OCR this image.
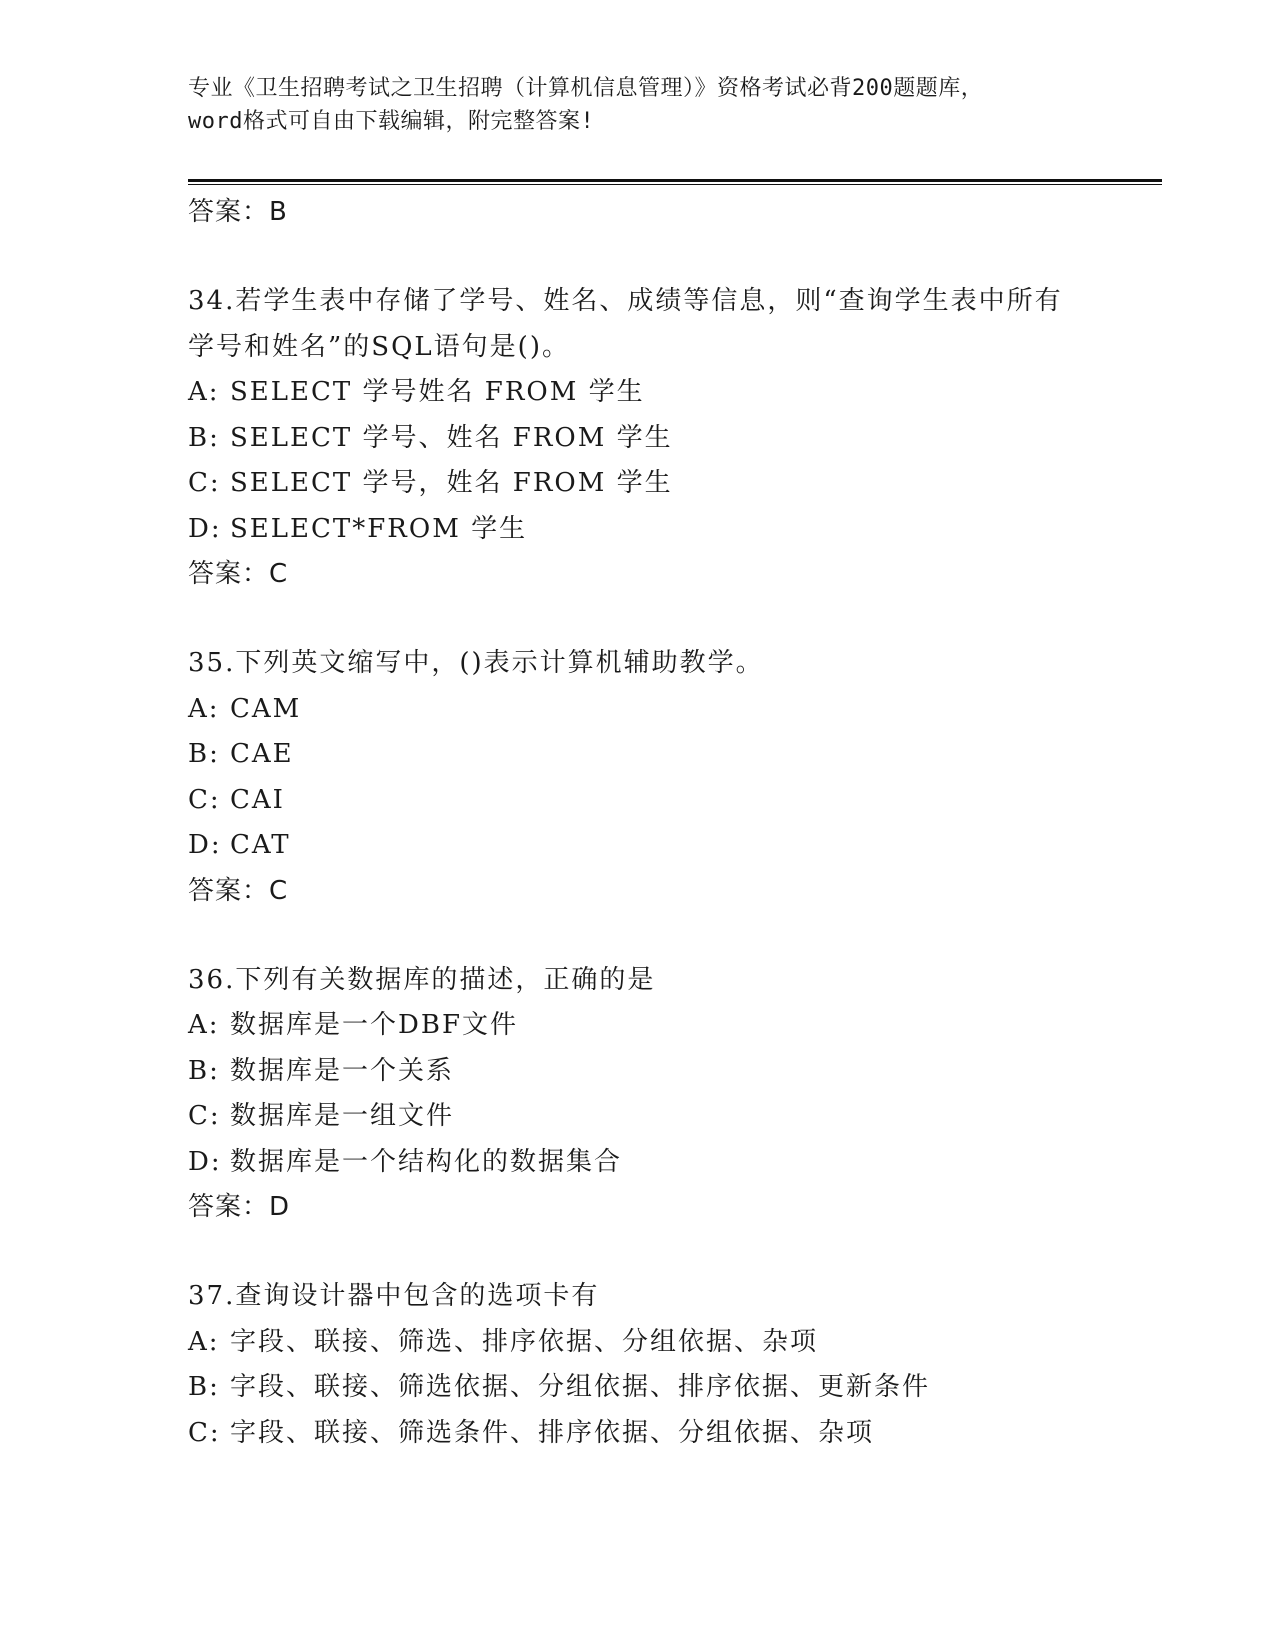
专业《卫生招聘考试之卫生招聘（计算机信息管理）》资格考试必背200题题库，
word格式可自由下载编辑，附完整答案!
答案：B
34.若学生表中存储了学号、姓名、成绩等信息，则“查询学生表中所有学号和姓名”的SQL语句是()。
A: SELECT 学号姓名 FROM 学生
B: SELECT 学号、姓名 FROM 学生
C: SELECT 学号，姓名 FROM 学生
D: SELECT*FROM 学生
答案：C
35.下列英文缩写中，()表示计算机辅助教学。
A: CAM
B: CAE
C: CAI
D: CAT
答案：C
36.下列有关数据库的描述，正确的是
A: 数据库是一个DBF文件
B: 数据库是一个关系
C: 数据库是一组文件
D: 数据库是一个结构化的数据集合
答案：D
37.查询设计器中包含的选项卡有
A: 字段、联接、筛选、排序依据、分组依据、杂项
B: 字段、联接、筛选依据、分组依据、排序依据、更新条件
C: 字段、联接、筛选条件、排序依据、分组依据、杂项
